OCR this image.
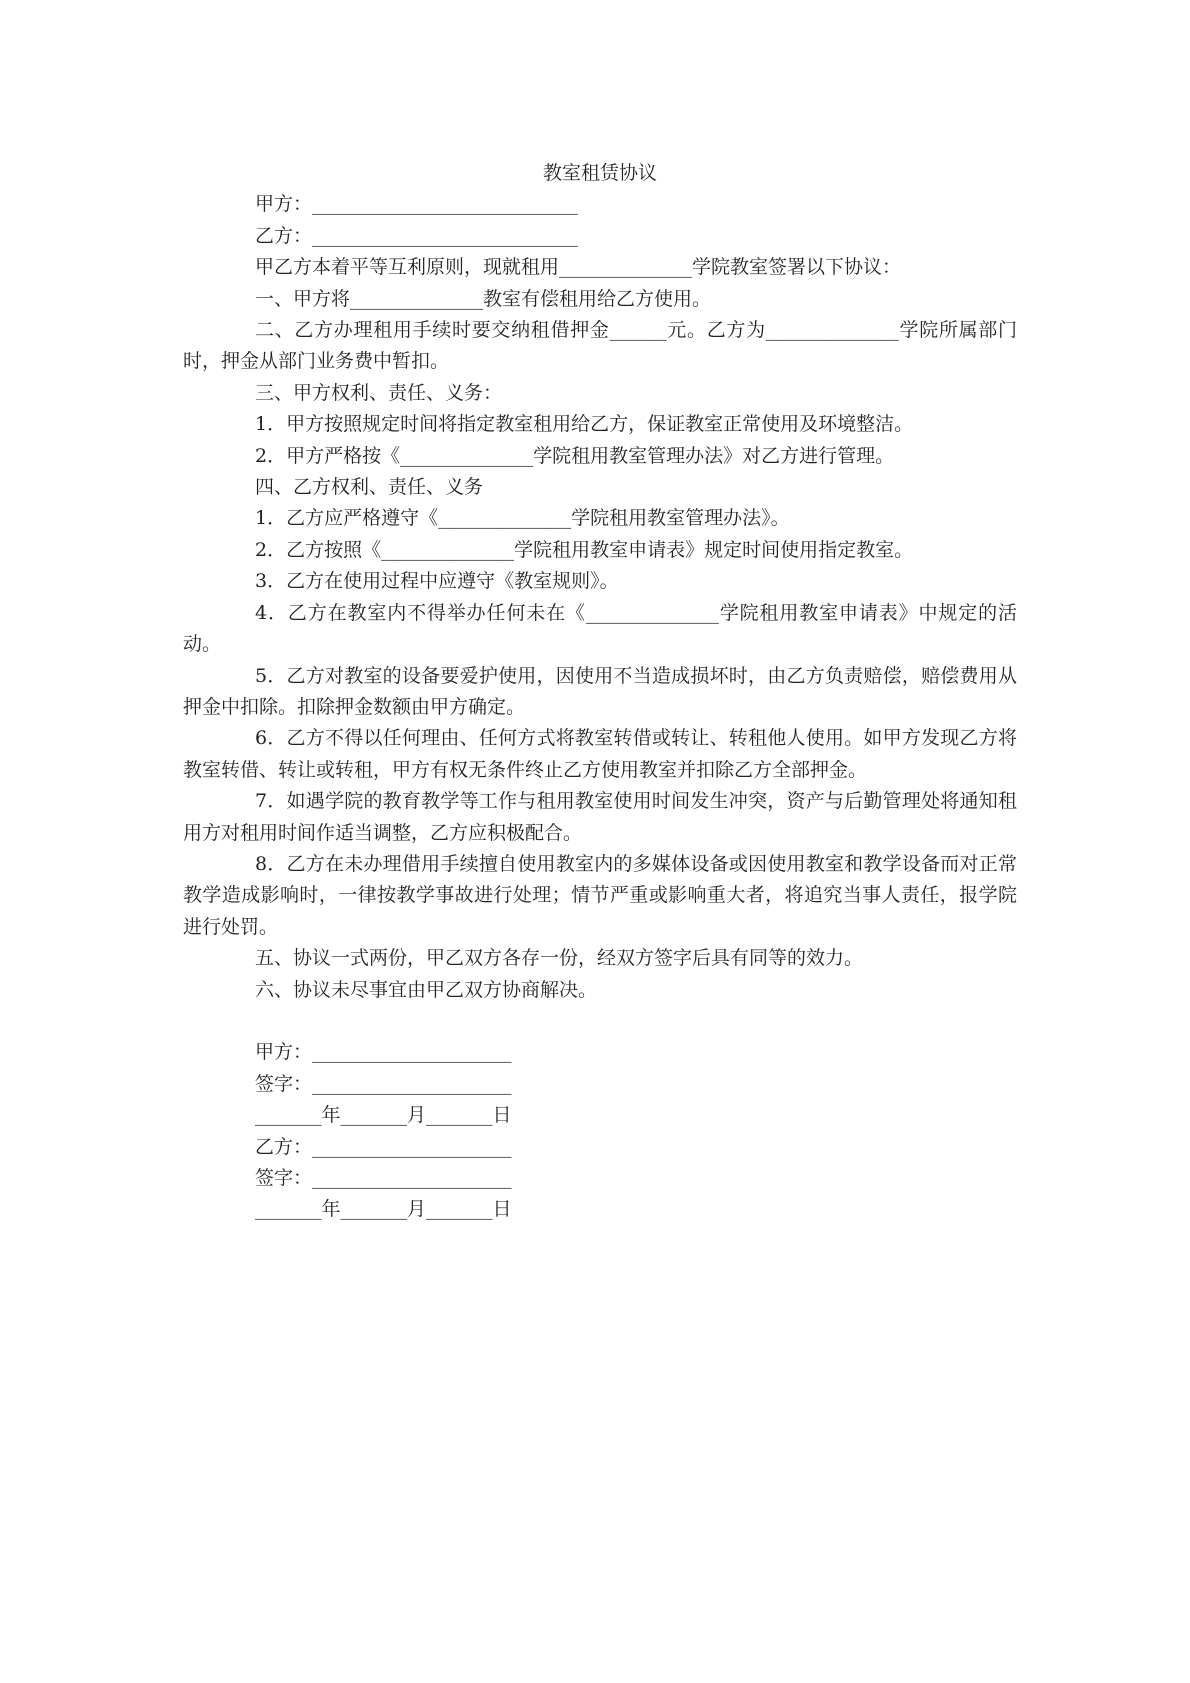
教室租赁协议

甲方：____________________________

乙方：____________________________

甲乙方本着平等互利原则，现就租用______________学院教室签署以下协议：

一、甲方将______________教室有偿租用给乙方使用。

二、乙方办理租用手续时要交纳租借押金______元。乙方为______________学院所属部门时，押金从部门业务费中暂扣。

三、甲方权利、责任、义务：

1．甲方按照规定时间将指定教室租用给乙方，保证教室正常使用及环境整洁。

2．甲方严格按《______________学院租用教室管理办法》对乙方进行管理。

四、乙方权利、责任、义务

1．乙方应严格遵守《______________学院租用教室管理办法》。

2．乙方按照《______________学院租用教室申请表》规定时间使用指定教室。

3．乙方在使用过程中应遵守《教室规则》。

4．乙方在教室内不得举办任何未在《______________学院租用教室申请表》中规定的活动。

5．乙方对教室的设备要爱护使用，因使用不当造成损坏时，由乙方负责赔偿，赔偿费用从押金中扣除。扣除押金数额由甲方确定。

6．乙方不得以任何理由、任何方式将教室转借或转让、转租他人使用。如甲方发现乙方将教室转借、转让或转租，甲方有权无条件终止乙方使用教室并扣除乙方全部押金。

7．如遇学院的教育教学等工作与租用教室使用时间发生冲突，资产与后勤管理处将通知租用方对租用时间作适当调整，乙方应积极配合。

8．乙方在未办理借用手续擅自使用教室内的多媒体设备或因使用教室和教学设备而对正常教学造成影响时，一律按教学事故进行处理；情节严重或影响重大者，将追究当事人责任，报学院进行处罚。

五、协议一式两份，甲乙双方各存一份，经双方签字后具有同等的效力。

六、协议未尽事宜由甲乙双方协商解决。

甲方：_____________________

签字：_____________________

_______年_______月_______日

乙方：_____________________

签字：_____________________

_______年_______月_______日
